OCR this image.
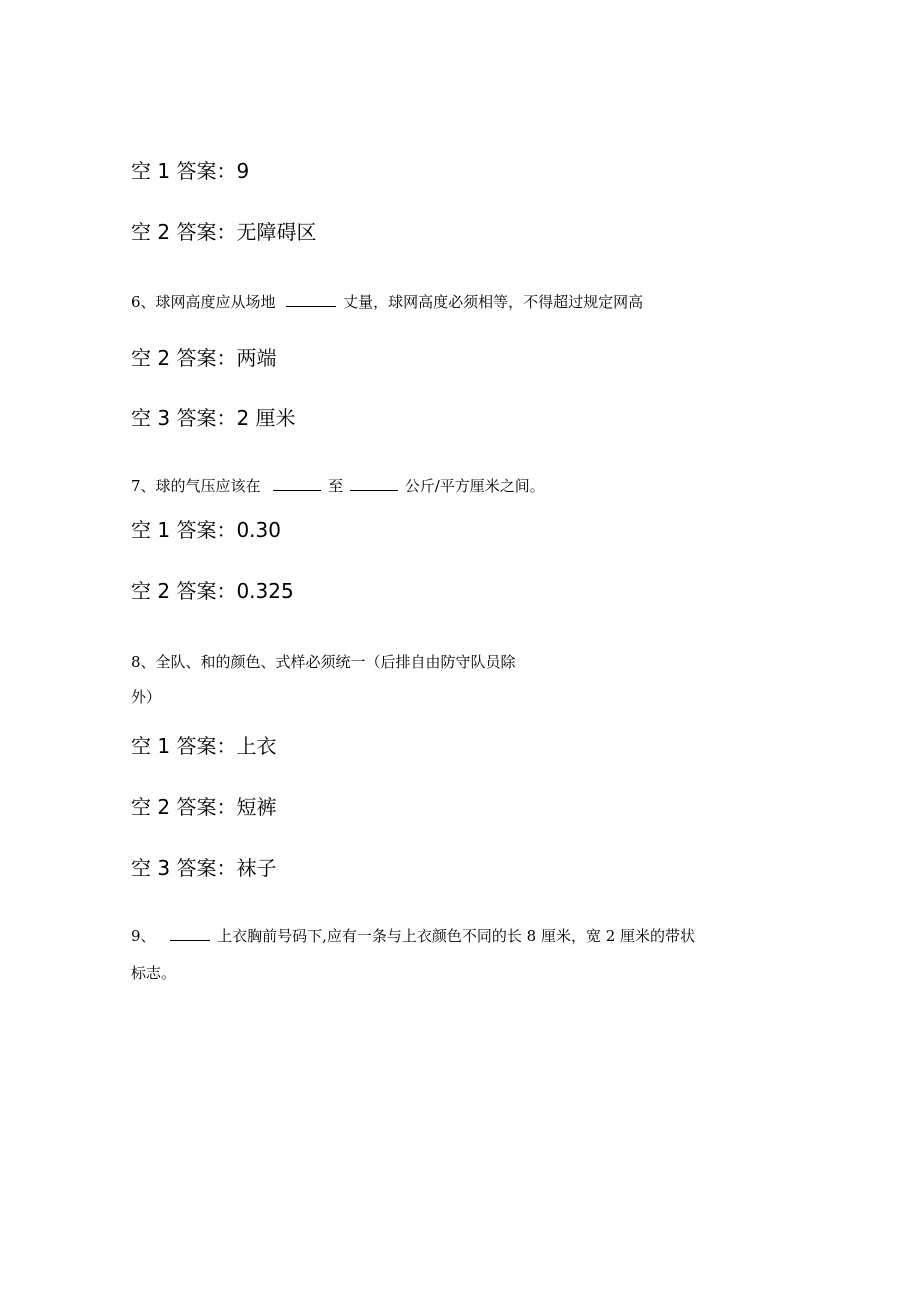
空 1 答案：9
空 2 答案：无障碍区
6、球网高度应从场地	丈量，球网高度必须相等，不得超过规定网高
空 2 答案：两端
空 3 答案：2 厘米
7、球的气压应该在	至	公斤/平方厘米之间。
空 1 答案：0.30
空 2 答案：0.325
8、全队、和的颜色、式样必须统一（后排自由防守队员除
外）
空 1 答案：上衣
空 2 答案：短裤
空 3 答案：袜子
9、	上衣胸前号码下,应有一条与上衣颜色不同的长 8 厘米，宽 2 厘米的带状
标志。
